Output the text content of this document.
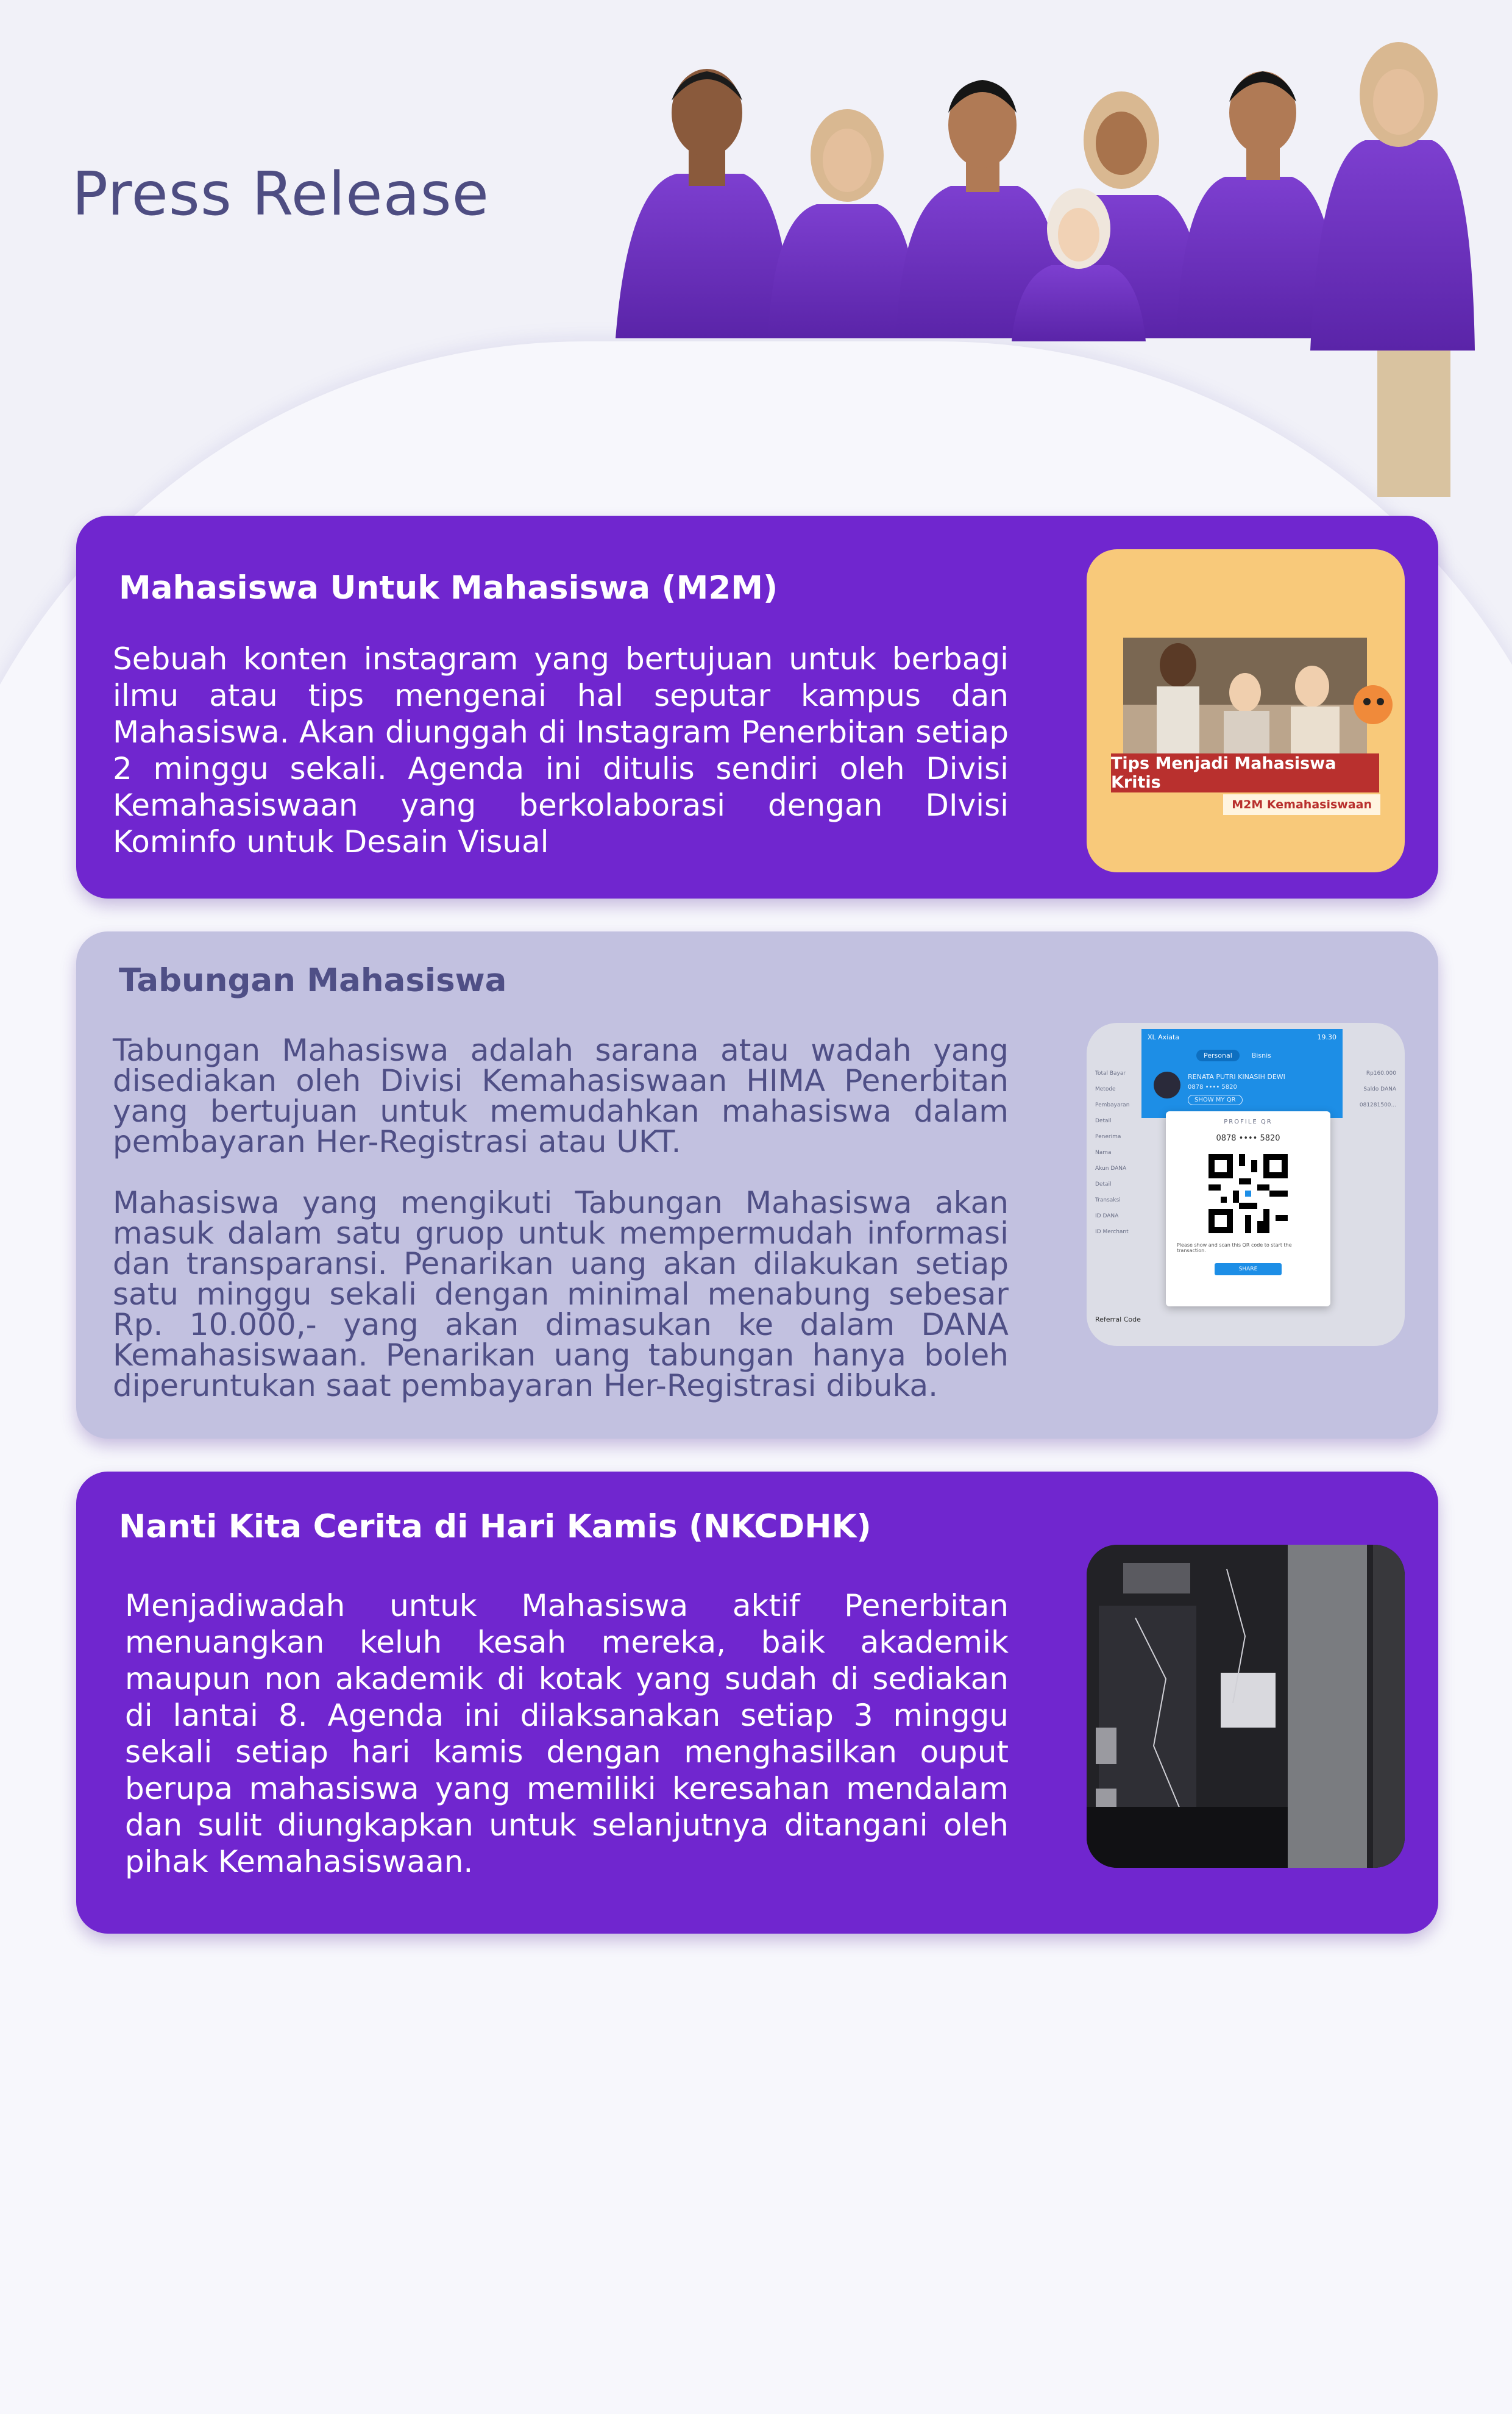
Press Release
Mahasiswa Untuk Mahasiswa (M2M)

Sebuah konten instagram yang bertujuan untuk berbagi ilmu atau tips mengenai hal seputar kampus dan Mahasiswa. Akan diunggah di Instagram Penerbitan setiap 2 minggu sekali. Agenda ini ditulis sendiri oleh Divisi Kemahasiswaan yang berkolaborasi dengan DIvisi Kominfo untuk Desain Visual

Tips Menjadi Mahasiswa Kritis
M2M Kemahasiswaan
Tabungan Mahasiswa

Tabungan Mahasiswa adalah sarana atau wadah yang disediakan oleh Divisi Kemahasiswaan HIMA Penerbitan yang bertujuan untuk memudahkan mahasiswa dalam pembayaran Her-Registrasi atau UKT.

Mahasiswa yang mengikuti Tabungan Mahasiswa akan masuk dalam satu gruop untuk mempermudah informasi dan transparansi. Penarikan uang akan dilakukan setiap satu minggu sekali dengan minimal menabung sebesar Rp. 10.000,- yang akan dimasukan ke dalam DANA Kemahasiswaan. Penarikan uang tabungan hanya boleh diperuntukan saat pembayaran Her-Registrasi dibuka.

XL Axiata	19.30
Personal	Bisnis
RENATA PUTRI KINASIH DEWI
0878 •••• 5820
SHOW MY QR
Total Bayar
Metode Pembayaran
Detail Penerima
Nama
Akun DANA
Detail Transaksi
ID DANA
ID Merchant
Rp160.000
Saldo DANA
081281500...
PROFILE QR
0878 •••• 5820
Please show and scan this QR code to start the transaction.
SHARE
Referral Code
Nanti Kita Cerita di Hari Kamis (NKCDHK)

Menjadiwadah untuk Mahasiswa aktif Penerbitan menuangkan keluh kesah mereka, baik akademik maupun non akademik di kotak yang sudah di sediakan di lantai 8. Agenda ini dilaksanakan setiap 3 minggu sekali setiap hari kamis dengan menghasilkan ouput berupa mahasiswa yang memiliki keresahan mendalam dan sulit diungkapkan untuk selanjutnya ditangani oleh pihak Kemahasiswaan.
